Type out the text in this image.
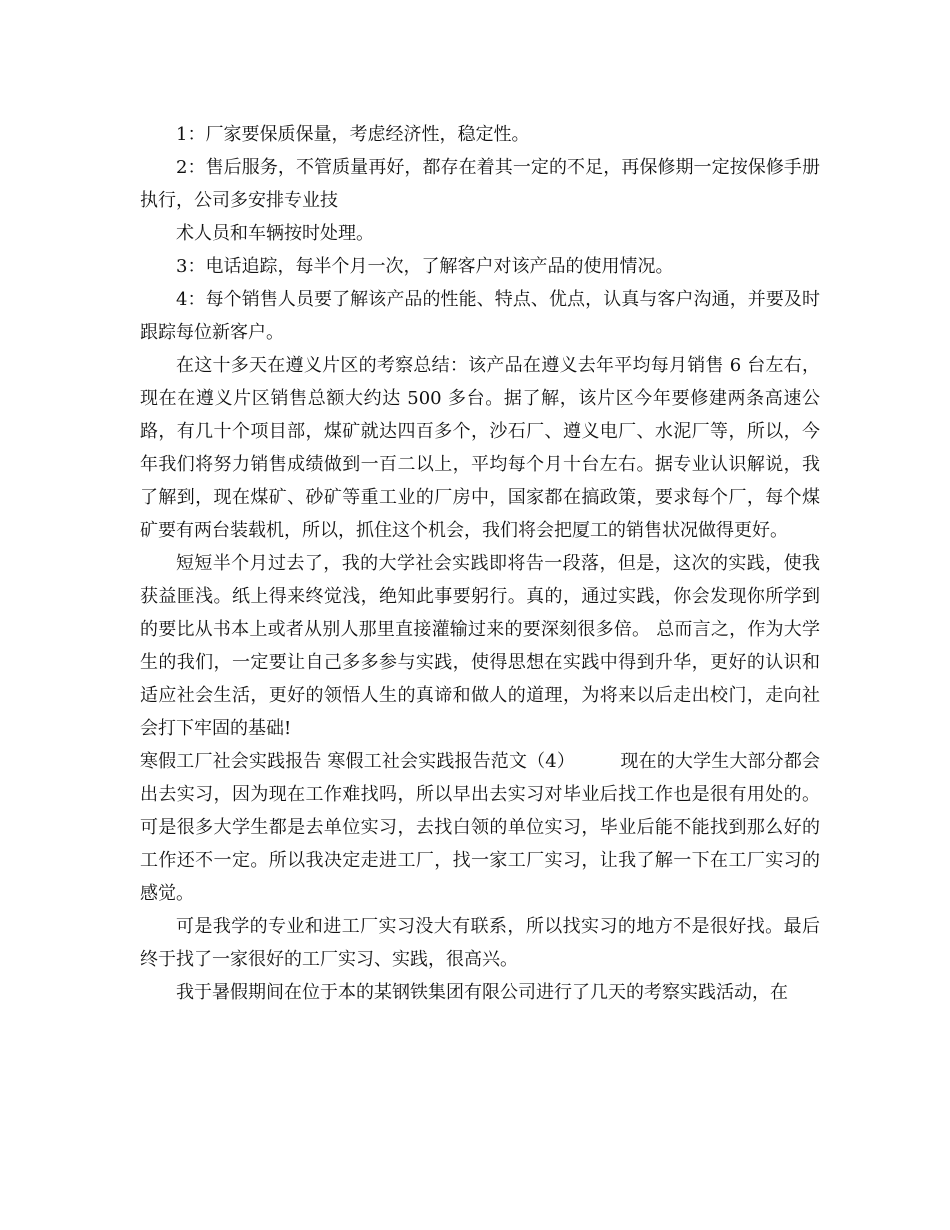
1：厂家要保质保量，考虑经济性，稳定性。

2：售后服务，不管质量再好，都存在着其一定的不足，再保修期一定按保修手册执行，公司多安排专业技

术人员和车辆按时处理。

3：电话追踪，每半个月一次，了解客户对该产品的使用情况。

4：每个销售人员要了解该产品的性能、特点、优点，认真与客户沟通，并要及时跟踪每位新客户。

在这十多天在遵义片区的考察总结：该产品在遵义去年平均每月销售 6 台左右，现在在遵义片区销售总额大约达 500 多台。据了解，该片区今年要修建两条高速公路，有几十个项目部，煤矿就达四百多个，沙石厂、遵义电厂、水泥厂等，所以，今年我们将努力销售成绩做到一百二以上，平均每个月十台左右。据专业认识解说，我了解到，现在煤矿、砂矿等重工业的厂房中，国家都在搞政策，要求每个厂，每个煤矿要有两台装载机，所以，抓住这个机会，我们将会把厦工的销售状况做得更好。

短短半个月过去了，我的大学社会实践即将告一段落，但是，这次的实践，使我获益匪浅。纸上得来终觉浅，绝知此事要躬行。真的，通过实践，你会发现你所学到的要比从书本上或者从别人那里直接灌输过来的要深刻很多倍。 总而言之，作为大学生的我们，一定要让自己多多参与实践，使得思想在实践中得到升华，更好的认识和适应社会生活，更好的领悟人生的真谛和做人的道理，为将来以后走出校门，走向社会打下牢固的基础!

寒假工厂社会实践报告 寒假工社会实践报告范文（4）　　　现在的大学生大部分都会出去实习，因为现在工作难找吗，所以早出去实习对毕业后找工作也是很有用处的。可是很多大学生都是去单位实习，去找白领的单位实习，毕业后能不能找到那么好的工作还不一定。所以我决定走进工厂，找一家工厂实习，让我了解一下在工厂实习的感觉。

可是我学的专业和进工厂实习没大有联系，所以找实习的地方不是很好找。最后终于找了一家很好的工厂实习、实践，很高兴。

我于暑假期间在位于本的某钢铁集团有限公司进行了几天的考察实践活动，在
